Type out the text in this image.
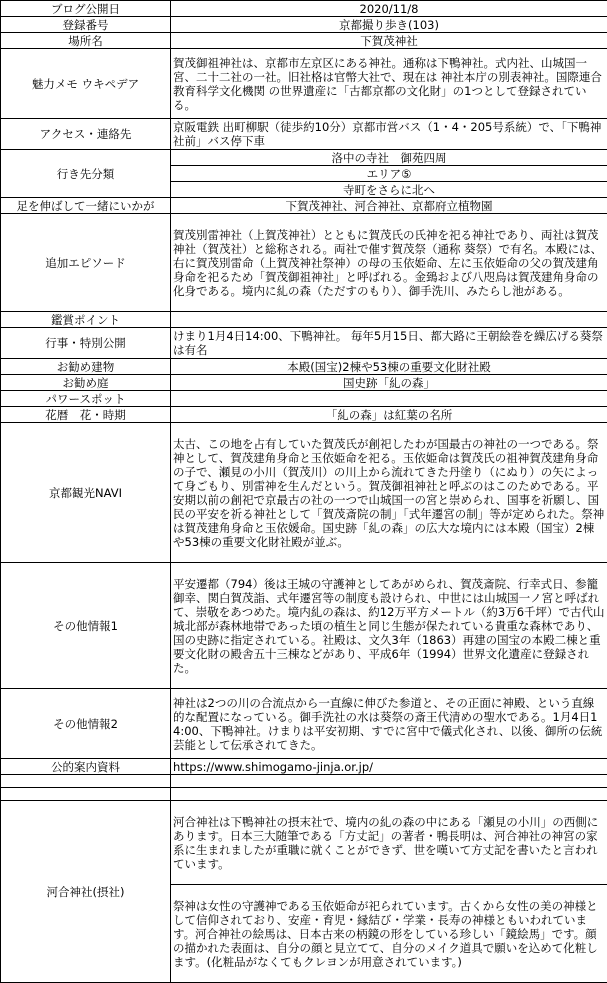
ブログ公開日	2020/11/8
登録番号	京都撮り歩き(103)
場所名	下賀茂神社
魅力メモ ウキペデア	賀茂御祖神社は、京都市左京区にある神社。通称は下鴨神社。式内社、山城国一宮、二十二社の一社。旧社格は官幣大社で、現在は 神社本庁の別表神社。国際連合教育科学文化機関 の世界遺産に「古都京都の文化財」の1つとして登録されている。
アクセス・連絡先	京阪電鉄 出町柳駅（徒歩約10分）京都市営バス（1・4・205号系統）で、「下鴨神社前」バス停下車
行き先分類	洛中の寺社　御苑四周
	エリア⑤
	寺町をさらに北へ
足を伸ばして一緒にいかが	下賀茂神社、河合神社、京都府立植物園
追加エピソード	賀茂別雷神社（上賀茂神社）とともに賀茂氏の氏神を祀る神社であり、両社は賀茂神社（賀茂社）と総称される。両社で催す賀茂祭（通称 葵祭）で有名。本殿には、右に賀茂別雷命（上賀茂神社祭神）の母の玉依姫命、左に玉依姫命の父の賀茂建角身命を祀るため「賀茂御祖神社」と呼ばれる。金鵄および八咫烏は賀茂建角身命の化身である。境内に糺の森（ただすのもり）、御手洗川、みたらし池がある。
鑑賞ポイント	
行事・特別公開	けまり1月4日14:00、下鴨神社。 毎年5月15日、都大路に王朝絵巻を繰広げる葵祭は有名
お勧め建物	本殿(国宝)2棟や53棟の重要文化財社殿
お勧め庭	国史跡「糺の森」
パワースポット	
花暦　花・時期	「糺の森」は紅葉の名所
京都観光NAVI	太古、この地を占有していた賀茂氏が創祀したわが国最古の神社の一つである。祭神として、賀茂建角身命と玉依姫命を祀る。玉依姫命は賀茂氏の祖神賀茂建角身命の子で、瀬見の小川（賀茂川）の川上から流れてきた丹塗り（にぬり）の矢によって身ごもり、別雷神を生んだという。賀茂御祖神社と呼ぶのはこのためである。平安期以前の創祀で京最古の社の一つで山城国一の宮と崇められ、国事を祈願し、国民の平安を祈る神社として「賀茂斎院の制」「式年遷宮の制」等が定められた。祭神は賀茂建角身命と玉依媛命。国史跡「糺の森」の広大な境内には本殿（国宝）2棟や53棟の重要文化財社殿が並ぶ。
その他情報1	平安遷都（794）後は王城の守護神としてあがめられ、賀茂斎院、行幸式日、参籠御幸、関白賀茂詣、式年遷宮等の制度も設けられ、中世には山城国一ノ宮と呼ばれて、崇敬をあつめた。境内糺の森は、約12万平方メートル（約3万6千坪）で古代山城北部が森林地帯であった頃の植生と同じ生態が保たれている貴重な森林であり、国の史跡に指定されている。社殿は、文久3年（1863）再建の国宝の本殿二棟と重要文化財の殿舎五十三棟などがあり、平成6年（1994）世界文化遺産に登録された。
その他情報2	神社は2つの川の合流点から一直線に伸びた参道と、その正面に神殿、という直線的な配置になっている。御手洗社の水は葵祭の斎王代清めの聖水である。1月4日14:00、下鴨神社。けまりは平安初期、すでに宮中で儀式化され、以後、御所の伝統芸能として伝承されてきた。
公的案内資料	https://www.shimogamo-jinja.or.jp/

河合神社(摂社)	河合神社は下鴨神社の摂末社で、境内の糺の森の中にある「瀬見の小川」の西側にあります。日本三大随筆である「方丈記」の著者・鴨長明は、河合神社の神宮の家系に生まれましたが重職に就くことができず、世を嘆いて方丈記を書いたと言われています。
	祭神は女性の守護神である玉依姫命が祀られています。古くから女性の美の神様として信仰されており、安産・育児・縁結び・学業・長寿の神様ともいわれています。河合神社の絵馬は、日本古来の柄鏡の形をしている珍しい「鏡絵馬」です。顔の描かれた表面は、自分の顔と見立てて、自分のメイク道具で願いを込めて化粧します。(化粧品がなくてもクレヨンが用意されています。)
